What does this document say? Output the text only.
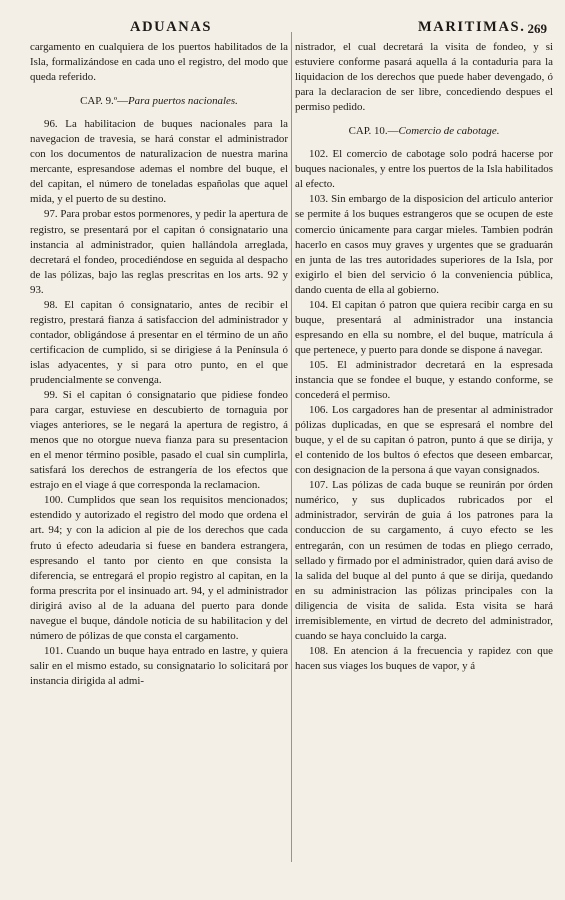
ADUANAS	MARITIMAS. 269

cargamento en cualquiera de los puertos habilitados de la Isla, formalizándose en cada uno el registro, del modo que queda referido.

CAP. 9.º—Para puertos nacionales.

96. La habilitacion de buques nacionales para la navegacion de travesia, se hará constar el administrador con los documentos de naturalizacion de nuestra marina mercante, espresandose ademas el nombre del buque, el del capitan, el número de toneladas españolas que aquel mida, y el puerto de su destino.

97. Para probar estos pormenores, y pedir la apertura de registro, se presentará por el capitan ó consignatario una instancia al administrador, quien hallándola arreglada, decretará el fondeo, procediéndose en seguida al despacho de las pólizas, bajo las reglas prescritas en los arts. 92 y 93.

98. El capitan ó consignatario, antes de recibir el registro, prestará fianza á satisfaccion del administrador y contador, obligándose á presentar en el término de un año certificacion de cumplido, si se dirigiese á la Península ó islas adyacentes, y si para otro punto, en el que prudencialmente se convenga.

99. Si el capitan ó consignatario que pidiese fondeo para cargar, estuviese en descubierto de tornaguia por viages anteriores, se le negará la apertura de registro, á menos que no otorgue nueva fianza para su presentacion en el menor término posible, pasado el cual sin cumplirla, satisfará los derechos de estrangería de los efectos que estrajo en el viage á que corresponda la reclamacion.

100. Cumplidos que sean los requisitos mencionados; estendido y autorizado el registro del modo que ordena el art. 94; y con la adicion al pie de los derechos que cada fruto ú efecto adeudaria si fuese en bandera estrangera, espresando el tanto por ciento en que consista la diferencia, se entregará el propio registro al capitan, en la forma prescrita por el insinuado art. 94, y el administrador dirigirá aviso al de la aduana del puerto para donde navegue el buque, dándole noticia de su habilitacion y del número de pólizas de que consta el cargamento.

101. Cuando un buque haya entrado en lastre, y quiera salir en el mismo estado, su consignatario lo solicitará por instancia dirigida al admi-

nistrador, el cual decretará la visita de fondeo, y si estuviere conforme pasará aquella á la contaduria para la liquidacion de los derechos que puede haber devengado, ó para la declaracion de ser libre, concediendo despues el permiso pedido.

CAP. 10.—Comercio de cabotage.

102. El comercio de cabotage solo podrá hacerse por buques nacionales, y entre los puertos de la Isla habilitados al efecto.

103. Sin embargo de la disposicion del articulo anterior se permite á los buques estrangeros que se ocupen de este comercio únicamente para cargar mieles. Tambien podrán hacerlo en casos muy graves y urgentes que se graduarán en junta de las tres autoridades superiores de la Isla, por exigirlo el bien del servicio ó la conveniencia pública, dando cuenta de ella al gobierno.

104. El capitan ó patron que quiera recibir carga en su buque, presentará al administrador una instancia espresando en ella su nombre, el del buque, matrícula á que pertenece, y puerto para donde se dispone á navegar.

105. El administrador decretará en la espresada instancia que se fondee el buque, y estando conforme, se concederá el permiso.

106. Los cargadores han de presentar al administrador pólizas duplicadas, en que se espresará el nombre del buque, y el de su capitan ó patron, punto á que se dirija, y el contenido de los bultos ó efectos que deseen embarcar, con designacion de la persona á que vayan consignados.

107. Las pólizas de cada buque se reunirán por órden numérico, y sus duplicados rubricados por el administrador, servirán de guia á los patrones para la conduccion de su cargamento, á cuyo efecto se les entregarán, con un resúmen de todas en pliego cerrado, sellado y firmado por el administrador, quien dará aviso de la salida del buque al del punto á que se dirija, quedando en su administracion las pólizas principales con la diligencia de visita de salida. Esta visita se hará irremisiblemente, en virtud de decreto del administrador, cuando se haya concluido la carga.

108. En atencion á la frecuencia y rapidez con que hacen sus viages los buques de vapor, y á
